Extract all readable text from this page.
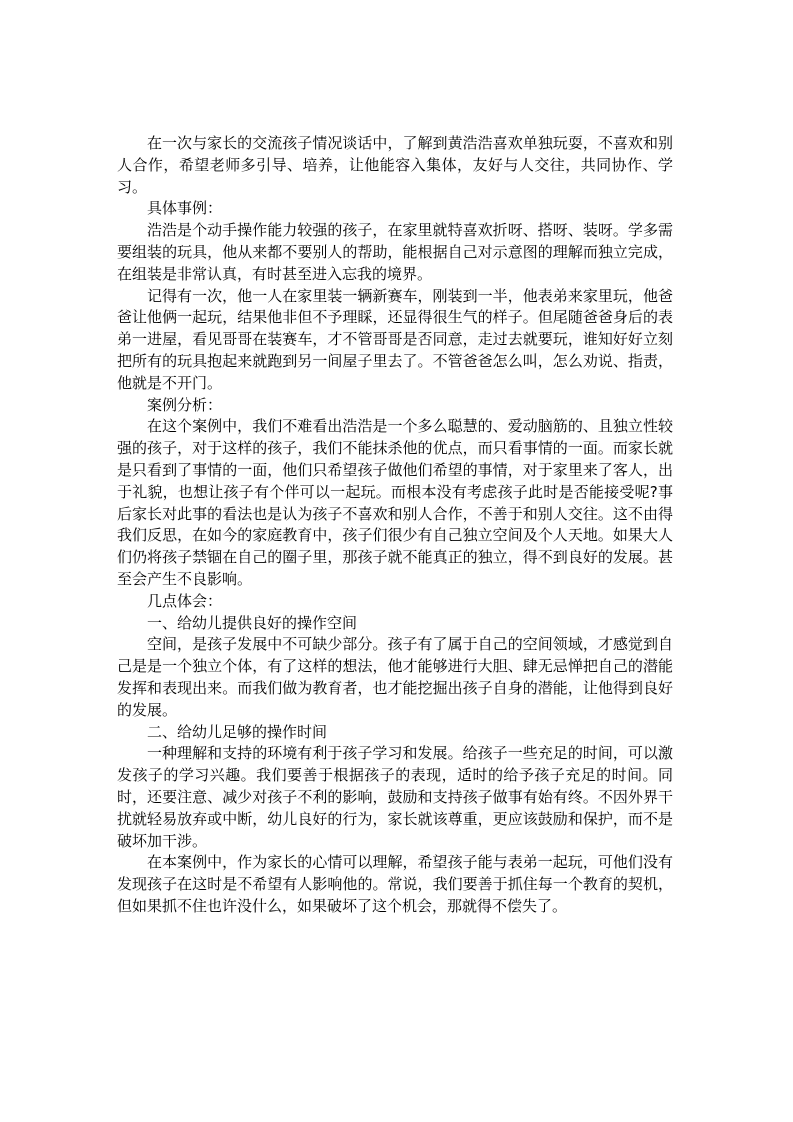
在一次与家长的交流孩子情况谈话中，了解到黄浩浩喜欢单独玩耍，不喜欢和别人合作，希望老师多引导、培养，让他能容入集体，友好与人交往，共同协作、学习。

具体事例：

浩浩是个动手操作能力较强的孩子，在家里就特喜欢折呀、搭呀、装呀。学多需要组装的玩具，他从来都不要别人的帮助，能根据自己对示意图的理解而独立完成，在组装是非常认真，有时甚至进入忘我的境界。

记得有一次，他一人在家里装一辆新赛车，刚装到一半，他表弟来家里玩，他爸爸让他俩一起玩，结果他非但不予理睬，还显得很生气的样子。但尾随爸爸身后的表弟一进屋，看见哥哥在装赛车，才不管哥哥是否同意，走过去就要玩，谁知好好立刻把所有的玩具抱起来就跑到另一间屋子里去了。不管爸爸怎么叫，怎么劝说、指责，他就是不开门。

案例分析：

在这个案例中，我们不难看出浩浩是一个多么聪慧的、爱动脑筋的、且独立性较强的孩子，对于这样的孩子，我们不能抹杀他的优点，而只看事情的一面。而家长就是只看到了事情的一面，他们只希望孩子做他们希望的事情，对于家里来了客人，出于礼貌，也想让孩子有个伴可以一起玩。而根本没有考虑孩子此时是否能接受呢?事后家长对此事的看法也是认为孩子不喜欢和别人合作，不善于和别人交往。这不由得我们反思，在如今的家庭教育中，孩子们很少有自己独立空间及个人天地。如果大人们仍将孩子禁锢在自己的圈子里，那孩子就不能真正的独立，得不到良好的发展。甚至会产生不良影响。

几点体会：

一、给幼儿提供良好的操作空间

空间，是孩子发展中不可缺少部分。孩子有了属于自己的空间领域，才感觉到自己是是一个独立个体，有了这样的想法，他才能够进行大胆、肆无忌惮把自己的潜能发挥和表现出来。而我们做为教育者，也才能挖掘出孩子自身的潜能，让他得到良好的发展。

二、给幼儿足够的操作时间

一种理解和支持的环境有利于孩子学习和发展。给孩子一些充足的时间，可以激发孩子的学习兴趣。我们要善于根据孩子的表现，适时的给予孩子充足的时间。同时，还要注意、减少对孩子不利的影响，鼓励和支持孩子做事有始有终。不因外界干扰就轻易放弃或中断，幼儿良好的行为，家长就该尊重，更应该鼓励和保护，而不是破坏加干涉。

在本案例中，作为家长的心情可以理解，希望孩子能与表弟一起玩，可他们没有发现孩子在这时是不希望有人影响他的。常说，我们要善于抓住每一个教育的契机，但如果抓不住也许没什么，如果破坏了这个机会，那就得不偿失了。
